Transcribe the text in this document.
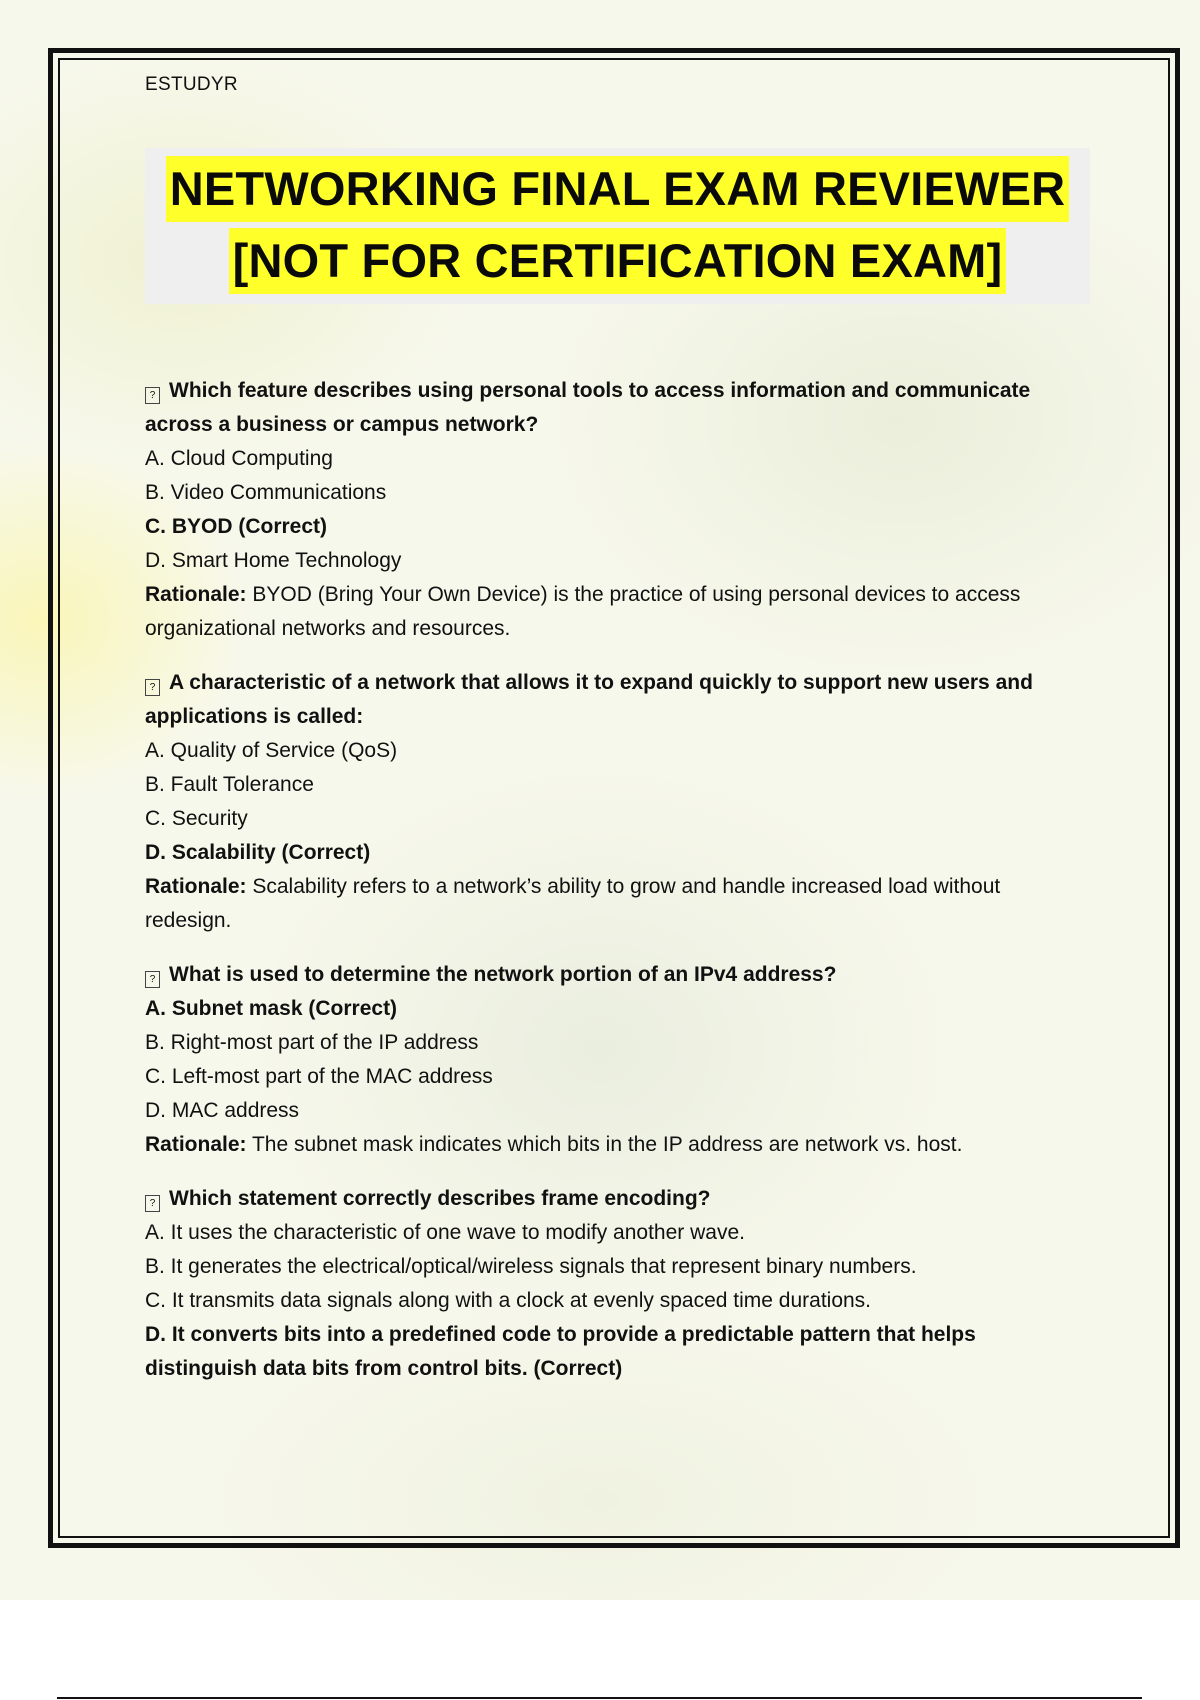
ESTUDYR

NETWORKING FINAL EXAM REVIEWER
[NOT FOR CERTIFICATION EXAM]

? Which feature describes using personal tools to access information and communicate across a business or campus network?

A. Cloud Computing

B. Video Communications

C. BYOD (Correct)

D. Smart Home Technology

Rationale: BYOD (Bring Your Own Device) is the practice of using personal devices to access organizational networks and resources.

? A characteristic of a network that allows it to expand quickly to support new users and applications is called:

A. Quality of Service (QoS)

B. Fault Tolerance

C. Security

D. Scalability (Correct)

Rationale: Scalability refers to a network’s ability to grow and handle increased load without redesign.

? What is used to determine the network portion of an IPv4 address?

A. Subnet mask (Correct)

B. Right-most part of the IP address

C. Left-most part of the MAC address

D. MAC address

Rationale: The subnet mask indicates which bits in the IP address are network vs. host.

? Which statement correctly describes frame encoding?

A. It uses the characteristic of one wave to modify another wave.

B. It generates the electrical/optical/wireless signals that represent binary numbers.

C. It transmits data signals along with a clock at evenly spaced time durations.

D. It converts bits into a predefined code to provide a predictable pattern that helps distinguish data bits from control bits. (Correct)
